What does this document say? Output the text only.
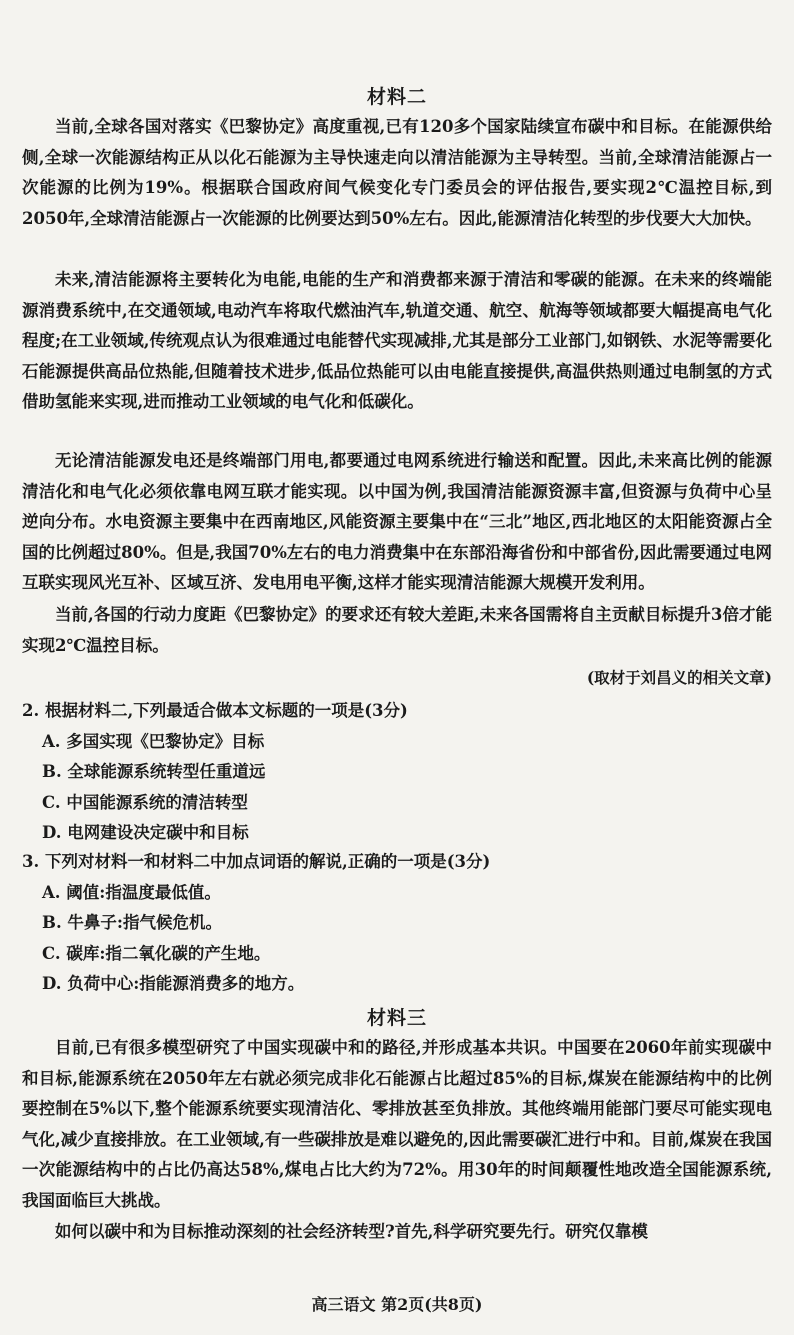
材料二
当前,全球各国对落实《巴黎协定》高度重视,已有120多个国家陆续宣布碳中和目标。在能源供给侧,全球一次能源结构正从以化石能源为主导快速走向以清洁能源为主导转型。当前,全球清洁能源占一次能源的比例为19%。根据联合国政府间气候变化专门委员会的评估报告,要实现2℃温控目标,到2050年,全球清洁能源占一次能源的比例要达到50%左右。因此,能源清洁化转型的步伐要大大加快。
未来,清洁能源将主要转化为电能,电能的生产和消费都来源于清洁和零碳的能源。在未来的终端能源消费系统中,在交通领域,电动汽车将取代燃油汽车,轨道交通、航空、航海等领域都要大幅提高电气化程度;在工业领域,传统观点认为很难通过电能替代实现减排,尤其是部分工业部门,如钢铁、水泥等需要化石能源提供高品位热能,但随着技术进步,低品位热能可以由电能直接提供,高温供热则通过电制氢的方式借助氢能来实现,进而推动工业领域的电气化和低碳化。
无论清洁能源发电还是终端部门用电,都要通过电网系统进行输送和配置。因此,未来高比例的能源清洁化和电气化必须依靠电网互联才能实现。以中国为例,我国清洁能源资源丰富,但资源与负荷中心呈逆向分布。水电资源主要集中在西南地区,风能资源主要集中在“三北”地区,西北地区的太阳能资源占全国的比例超过80%。但是,我国70%左右的电力消费集中在东部沿海省份和中部省份,因此需要通过电网互联实现风光互补、区域互济、发电用电平衡,这样才能实现清洁能源大规模开发利用。
当前,各国的行动力度距《巴黎协定》的要求还有较大差距,未来各国需将自主贡献目标提升3倍才能实现2℃温控目标。
(取材于刘昌义的相关文章)
2. 根据材料二,下列最适合做本文标题的一项是(3分)
A. 多国实现《巴黎协定》目标
B. 全球能源系统转型任重道远
C. 中国能源系统的清洁转型
D. 电网建设决定碳中和目标
3. 下列对材料一和材料二中加点词语的解说,正确的一项是(3分)
A. 阈值:指温度最低值。
B. 牛鼻子:指气候危机。
C. 碳库:指二氧化碳的产生地。
D. 负荷中心:指能源消费多的地方。
材料三
目前,已有很多模型研究了中国实现碳中和的路径,并形成基本共识。中国要在2060年前实现碳中和目标,能源系统在2050年左右就必须完成非化石能源占比超过85%的目标,煤炭在能源结构中的比例要控制在5%以下,整个能源系统要实现清洁化、零排放甚至负排放。其他终端用能部门要尽可能实现电气化,减少直接排放。在工业领域,有一些碳排放是难以避免的,因此需要碳汇进行中和。目前,煤炭在我国一次能源结构中的占比仍高达58%,煤电占比大约为72%。用30年的时间颠覆性地改造全国能源系统,我国面临巨大挑战。
如何以碳中和为目标推动深刻的社会经济转型?首先,科学研究要先行。研究仅靠模
高三语文 第2页(共8页)
